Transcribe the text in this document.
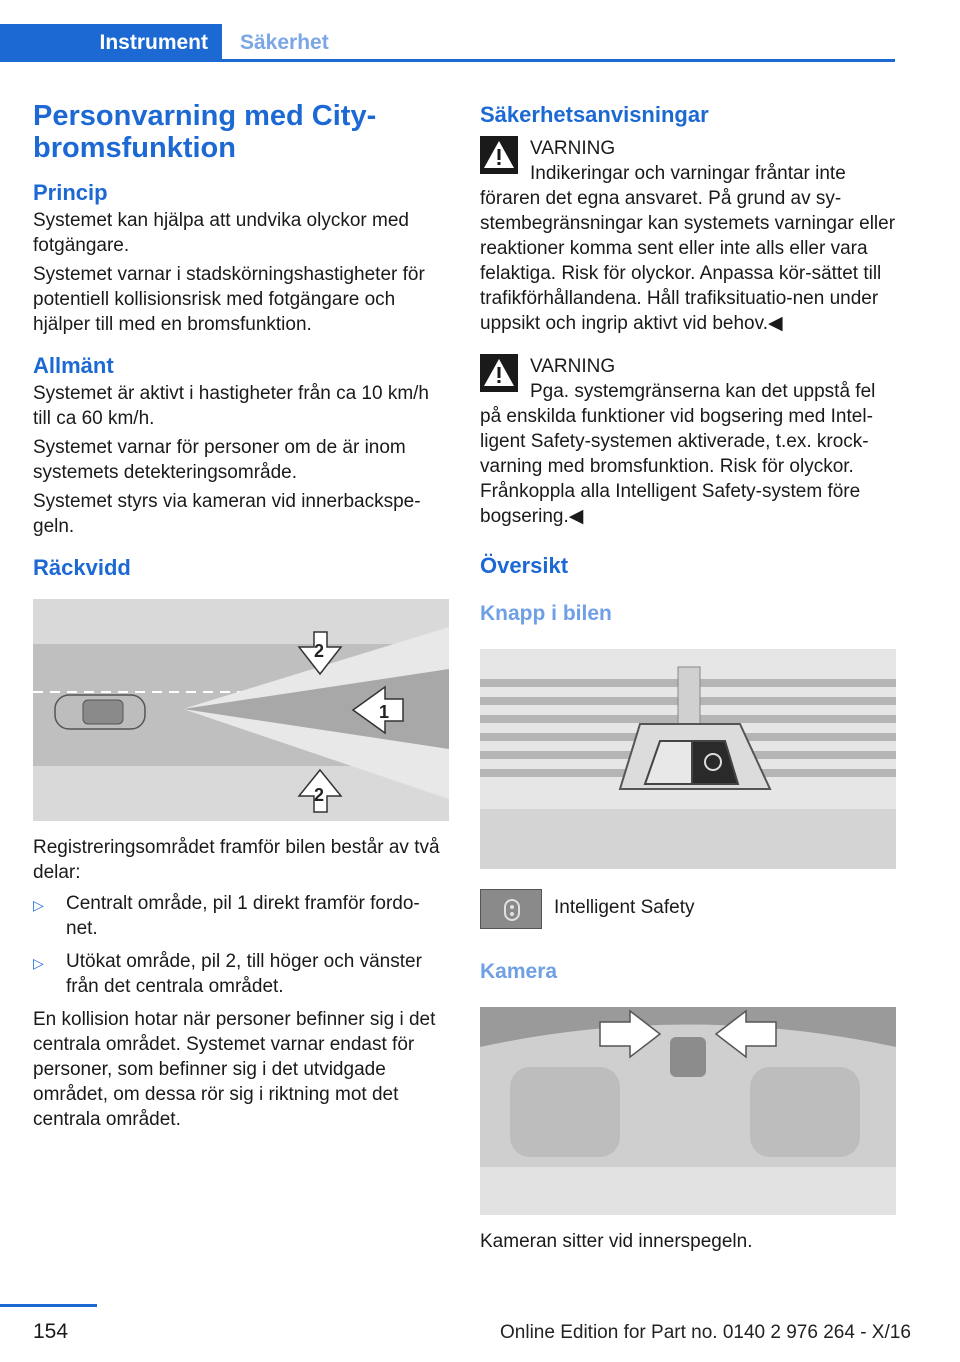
Instrument	Säkerhet
Personvarning med City‐
bromsfunktion
Princip

Systemet kan hjälpa att undvika olyckor med fotgängare.

Systemet varnar i stadskörningshastigheter för potentiell kollisionsrisk med fotgängare och hjälper till med en bromsfunktion.

Allmänt

Systemet är aktivt i hastigheter från ca 10 km/h till ca 60 km/h.

Systemet varnar för personer om de är inom systemets detekteringsområde.

Systemet styrs via kameran vid innerbackspe‐geln.

Räckvidd
1
2
2

Registreringsområdet framför bilen består av två delar:

▷ Centralt område, pil 1 direkt framför fordo‐net.
▷ Utökat område, pil 2, till höger och vänster från det centrala området.

En kollision hotar när personer befinner sig i det centrala området. Systemet varnar endast för personer, som befinner sig i det utvidgade området, om dessa rör sig i riktning mot det centrala området.

Säkerhetsanvisningar
VARNING
Indikeringar och varningar fråntar inte

föraren det egna ansvaret. På grund av sy‐stembegränsningar kan systemets varningar eller reaktioner komma sent eller inte alls eller vara felaktiga. Risk för olyckor. Anpassa kör‐sättet till trafikförhållandena. Håll trafiksituatio‐nen under uppsikt och ingrip aktivt vid behov.◀

VARNING
Pga. systemgränserna kan det uppstå fel

på enskilda funktioner vid bogsering med Intel‐ligent Safety-systemen aktiverade, t.ex. krock‐varning med bromsfunktion. Risk för olyckor. Frånkoppla alla Intelligent Safety-system före bogsering.◀

Översikt
Knapp i bilen
Intelligent Safety
Kamera

Kameran sitter vid innerspegeln.

154	Online Edition for Part no. 0140 2 976 264 - X/16
